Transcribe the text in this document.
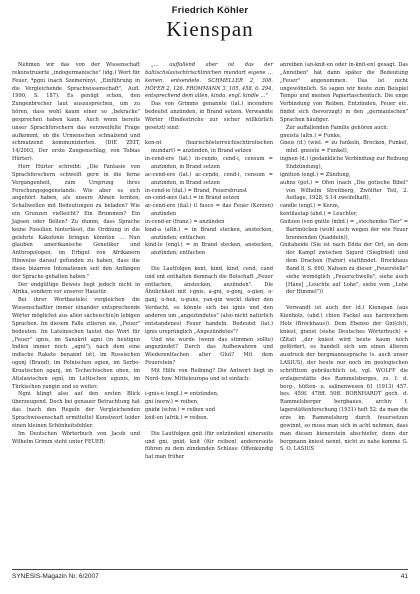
Friedrich Köhler
Kienspan

Nehmen wir das von der Wissenschaft rekonstruierte „indogermanische" (idg.) Wort für Feuer, *pgni (nach Szemerényi, „Einführung in die Vergleichende Sprachwissenschaft", Aufl. 1990, S. 187). Es genügt schon, den Zungenbrecher laut auszusprechen, um zu hören, dass wohl kaum einer so „bekracke" gesprochen haben kann. Auch wenn bereits unser Sprachforschern das verzweifelte Frage aufkommt, ob die Urmenschen schnalzend und schmatzend kommunizierten. (DIE ZEIT, 14/2003, Der erste Zungenschlag, von Tobias Hürter).

Herr Hürter schreibt: „Die Fantasie von Sprachforschern schweift gern in die ferne Vergangenheit, zum Ursprung ihres Forschungsgegenstands. Wie aber es sich angehört haben, als unsere Ahnen lernten, Schallwellen mit Bedeutungen zu beladen? Wie ein Grunzen vielleicht? Ein Brummen? Ein Japsen oder Bellen? Zu dumm, dass Sprache keine Fossilien hinterlässt, die Ordnung in die gelehrte Kakofonie bringen könnten … Nun glauben amerikanische Genetiker und Anthropologen, im Erbgut von Afrikanern Hinweise darauf gefunden zu haben, dass die diese bizarren Intonationen seit den Anfängen der Sprache gehalten haben."

Der endgültige Beweis liegt jedoch nicht in Afrika, sondern vor unserer Haustür.

Bei ihrer Wortbasteleí vergleichen die Wissenschaftler immer einander entsprechende Wörter möglichst aus allen sächsisch(e)n lebigen Sprachen. Im diesem Falle zitieren sie, „Feuer" bedeuten. Im Lateinischen lautet das Wort für „Feuer" ignis, im Sanskrit agni (in heutigen Indien immer noch „agni"), nach dem eine indische Rakete benannt ist), im Russischen ogonj (Brand), im Polnischen ogien, im Serbo-Kroatischen oganj, im Tschechischen ohen, im Altslawischen ognǐ, im Lettischen ugunis, im Türkischen yangin und so weiter.

Ngni klingt also auf den ersten Blick überzeugend. Doch bei genauer Betrachtung hat das (nach den Regeln der Vergleichenden Sprachwissenschaft ermittelte) Kunstwort leider einen kleinen Schönheitsfehler.

Im Deutschen Wörterbuch von Jacob und Wilhelm Grimm steht unter FEUER:

„… auffallend aber ist das der baltischslavischtrischlinichen mundart eigene … keinen, entsendete. SCHMELLER 2, 308. HÖFER 2, 126. FROMMANN 3, 105. 458. 6. 294, entsprechend dem alten, kinda, engl. kindle …"

Das von Grimms genannte (lat.) incendere bedeutet anzünden, in Brand setzen. Verwandte Wörter (Bindestriche zur sicher willkürlich gesetzt) sind:

ken-nt (bairischösterreichischtirolischen mundart) = anzünden, in Brand setzen

in-cend-ere (lat.) in-cendo, cend-i, censum = anzünden, in Brand setzen

ac-cend-ere (lat.) ac-cendo, cend-i, censum = anzünden, in Brand setzen

in-cend-io (ital.) = Brand, Feuersbrunst

en-cend-ære (lat.) = in Brand setzen

ac-cend-ere (ital.) il fuoco = das Feuer (Kerzen) anzünden

in-cend-er (franz.) = anzünden

kind-a (altn.) = in Brand stecken, anstecken, anzünden; entfachen

kind-le (engl.) = in Brand stecken, anstecken, anzünden; entfachen

Die Lautfolgen kent, kind, kind, cend, cand und ent enthalten demnach die Botschaft „Feuer entfachen, anstecken, anzünden". Die Ähnlichkeit mit i-gnis, a-gni, o-gonj, o-gien, o-ganj, o-hen, u-guns, yan-gin weckt daher den Verdacht, es könnte sich bei ignis und den anderen um „angezündetes" (also nicht natürlich entstandenes) Feuer handeln. Bedeutet (lat.) ignis ursprünglich „Angezündetes"?

Und wie wurde (wenn das stimmen sollte) angezündet? Durch das Aufbewahren und Wiederentfachen alter Glut? Mit dem Feuerstein?

Mit Hilfe von Reibung? Die Antwort liegt in Nord- bzw. Mitteleuropa und ist einfach:

i-gnis-e (engl.) = entzünden,

gni (norw.) = reiben,

gnidи (schw.) = reiben und

knit-en (afrik.) = reiben.

Die Lautfolgen gnit (für entzünden) einerseits und gni, gnid, knit (für reiben) andererseits führen zu dem zündenden Schluss: Offenkundig hat man früher

anreiben (an-knit-en oder in-knit-en) gesagt. Das „Anreiben" hat dann später die Bedeutung „Feuer" angenommen. Das ist nicht ungewöhnlich. So sagen wir heute zum Beispiel Tempo und meinen Papiertaschentuch. Die enge Verbindung von Reiben, Entzünden, Feuer etc. findet sich (bevorzugt) in den „germanischen" Sprachen häufiger.

Zur auffallenden Familie gehören auch:

gneista (altn.) = Funke,

Gneis (d.) (wiel. = zu funkeln, Brocken, Funkel, mhd. gneiste = Funkel),

ingnen (d.) (gedankliche Verbindung zur Reibung Endzündung),

ignition (engl.) = Zündung,

auhns (got.) = Ofen (nach „Die gotische Bibel" von Wilhelm Streitberg, Zwölfter Teil, 2. Auflage, 1928, S.14 zweifelhaft),

candle (engl.) = Kerze,

kentilastap (ahd.) = Leuchter,

Gnitzen (von gnitte (mhd.) = „stechendes Tier" = Bartmücken (wohl auch wegen der wie Feuer brennenden Quaddeln)),

Gnitaheide (Sie ist nach Edda der Ort, an dem der Kampf zwischen Sigurd (Siegfried) und dem Drachen (Fafnir) stattfindet. Brockhaus Band 8, S. 690, Nahsen zu dieser „Feuerstelle" siehe womöglich „Feuerschwelle", siehe auch [Hans] „Leuchte auf Lohe", siehe vom „Lohe der Himmel"))

Verwandt ist auch der (d.) Kienspan (aus Kienholz, (ahd.) chien Fackel aus harzreichem Holz (Brockhaus)). Dem Ebenso der Gni(ch)t, kniest, gneist (siehe Deutsches Wörterbuch) + (Zitat) „der kniest wird heute kaum noch gefördert, es handelt sich um einen älteren ausdruck der bergmannssprache (s. auch unser LASIUS), der heute nur noch im geologischen schrifttum gebräuchlich ist, vgl. WOLFF die erzlagerstätte des Rammelsberges, zs. f. d. berg-, hütten- u. salinenwesen 61 (1913) 457. bes. 459f. 478ff. 50ff. BORNHARDT goch. d. Rammelsberger bergbaues, archiv f. lagerstättenforschung (1931) heft 52: da man die erze im Rammelsberg durch feuersetzen gewinnt, so muss man sich in acht nehmen, dass man diesen kienerstein abschiefer, denn der bergmann kniest nennt, nicht zu nahe komme G. S. O. LASIUS

SYNESIS-Magazin Nr. 6/2007	41
